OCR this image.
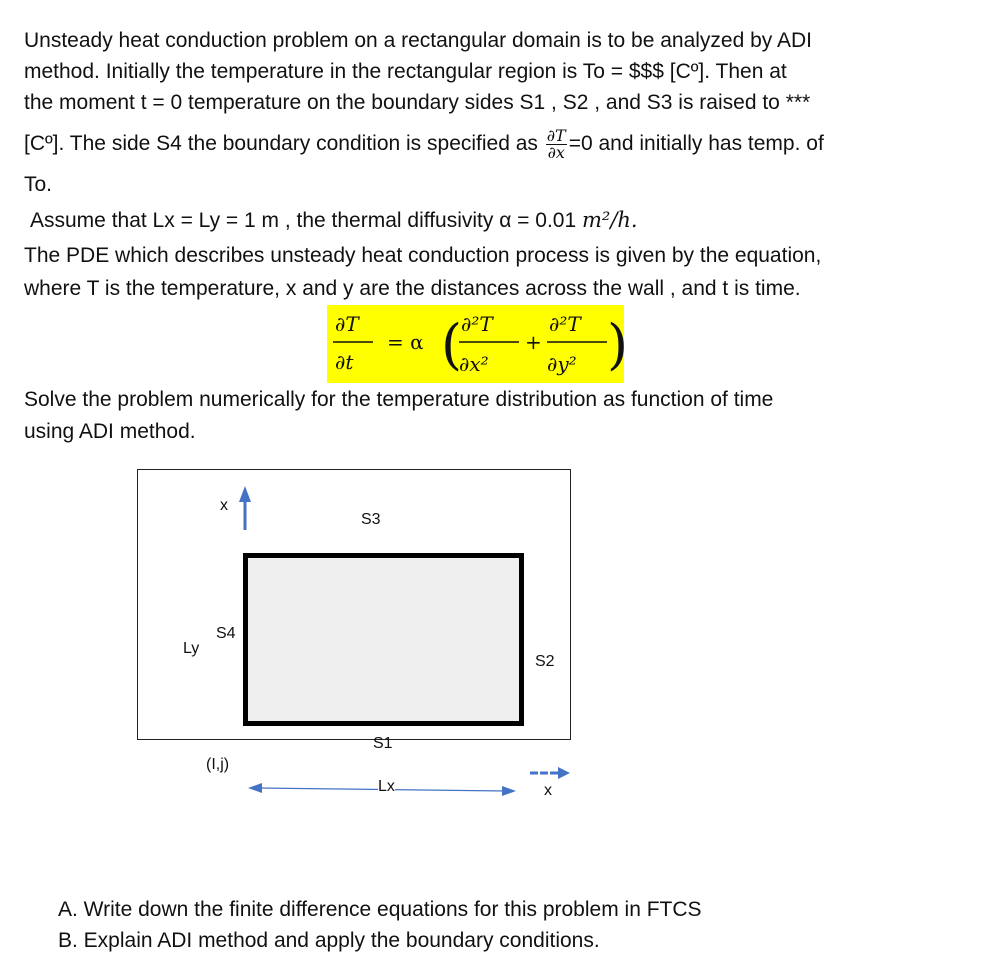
Unsteady heat conduction problem on a rectangular domain is to be analyzed by ADI
method. Initially the temperature in the rectangular region is To = $$$ [Cº]. Then at
the moment t = 0 temperature on the boundary sides S1 , S2 , and S3 is raised to ***
[Cº]. The side S4 the boundary condition is specified as $\frac{\partial T}{\partial x} =0$ and initially has temp. of
To.
Assume that Lx = Ly = 1 m , the thermal diffusivity α = 0.01 m²/h.
The PDE which describes unsteady heat conduction process is given by the equation,
where T is the temperature, x and y are the distances across the wall , and t is time.
∂T
∂t
= α (
∂²T
∂x²
+
∂²T
∂y² )
Solve the problem numerically for the temperature distribution as function of time
using ADI method.
x
S3
S4
Ly
S2
S1
(I,j)
Lx	x
A. Write down the finite difference equations for this problem in FTCS
B. Explain ADI method and apply the boundary conditions.
